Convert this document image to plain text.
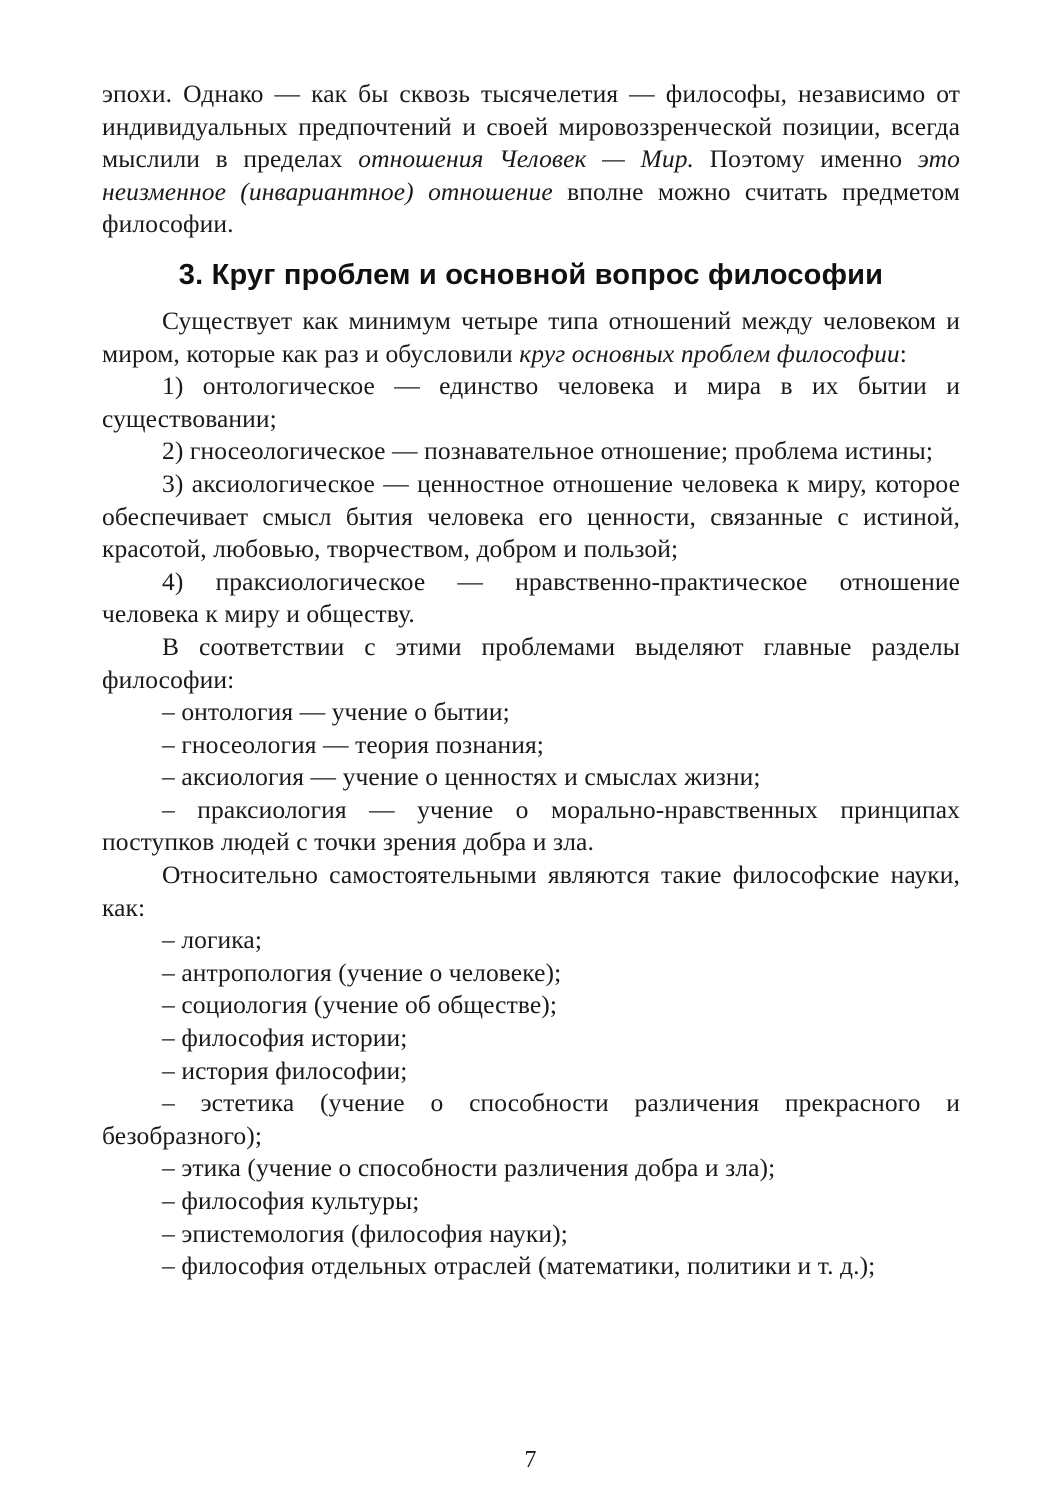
эпохи. Однако — как бы сквозь тысячелетия — философы, независимо от индивидуальных предпочтений и своей мировоззренческой позиции, всегда мыслили в пределах отношения Человек — Мир. Поэтому именно это неизменное (инвариантное) отношение вполне можно считать предметом философии.

3. Круг проблем и основной вопрос философии

Существует как минимум четыре типа отношений между человеком и миром, которые как раз и обусловили круг основных проблем философии:

1) онтологическое — единство человека и мира в их бытии и существовании;

2) гносеологическое — познавательное отношение; проблема истины;

3) аксиологическое — ценностное отношение человека к миру, которое обеспечивает смысл бытия человека его ценности, связанные с истиной, красотой, любовью, творчеством, добром и пользой;

4) праксиологическое — нравственно-практическое отношение человека к миру и обществу.

В соответствии с этими проблемами выделяют главные разделы философии:

– онтология — учение о бытии;

– гносеология — теория познания;

– аксиология — учение о ценностях и смыслах жизни;

– праксиология — учение о морально-нравственных принципах поступков людей с точки зрения добра и зла.

Относительно самостоятельными являются такие философские науки, как:

– логика;

– антропология (учение о человеке);

– социология (учение об обществе);

– философия истории;

– история философии;

– эстетика (учение о способности различения прекрасного и безобразного);

– этика (учение о способности различения добра и зла);

– философия культуры;

– эпистемология (философия науки);

– философия отдельных отраслей (математики, политики и т. д.);

7
